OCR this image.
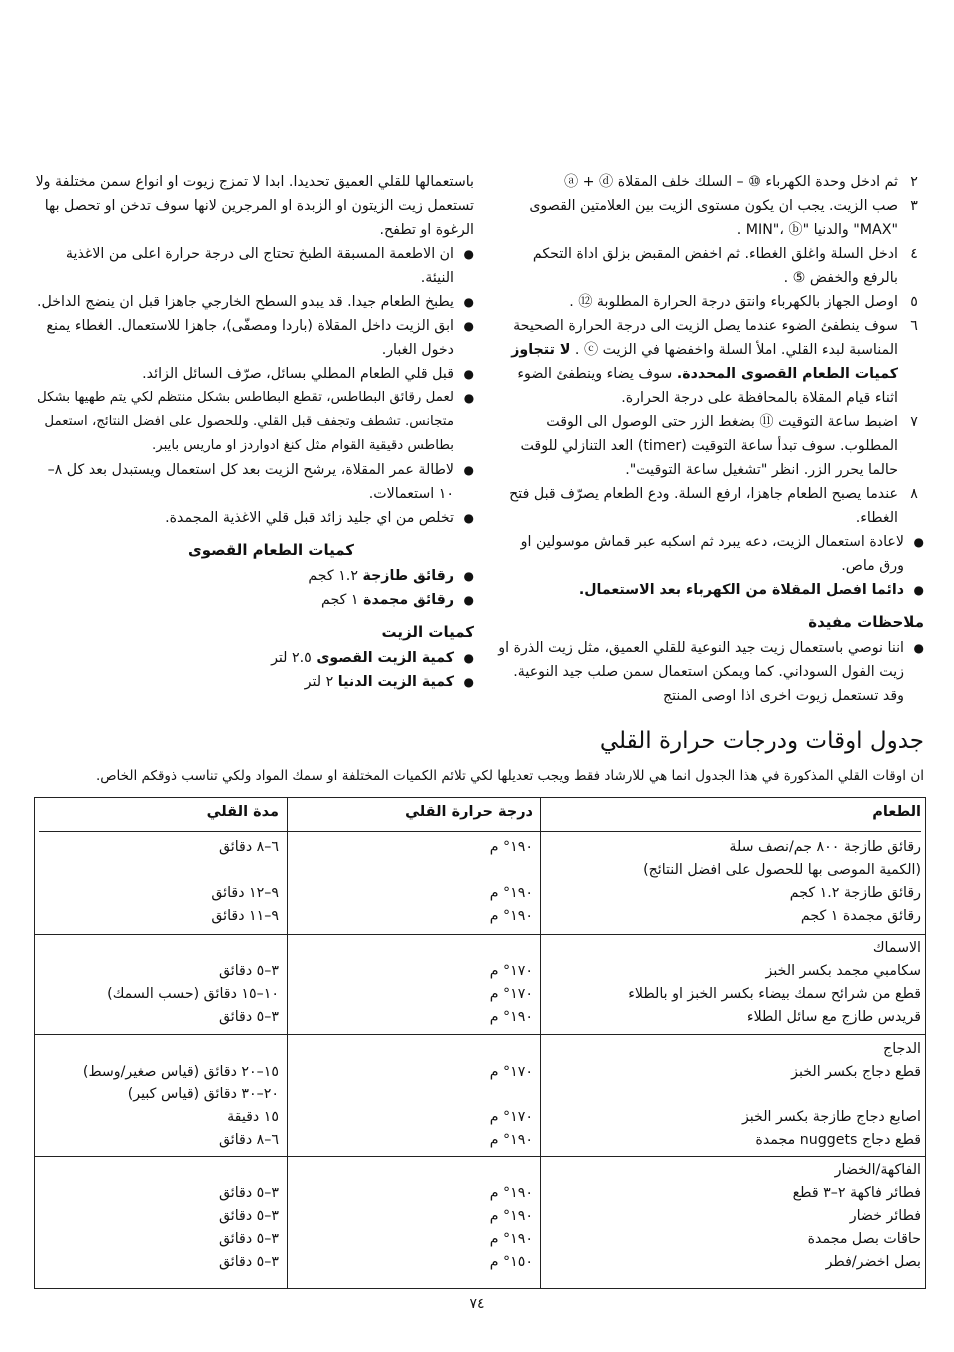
٢
ثم ادخل وحدة الكهرباء ⑩ – السلك خلف المقلاة ⓐ + ⓓ
٣
صب الزيت. يجب ان يكون مستوى الزيت بين العلامتين القصوى "MAX" والدنيا "MIN"، ⓑ .
٤
ادخل السلة واغلق الغطاء. ثم اخفض المقبض بزلق اداة التحكم بالرفع والخفض ⑤ .
٥
اوصل الجهاز بالكهرباء وانتق درجة الحرارة المطلوبة ⑫ .
٦
سوف ينطفئ الضوء عندما يصل الزيت الى درجة الحرارة الصحيحة المناسبة لبدء القلي. املأ السلة واخفضها في الزيت ⓒ . لا تتجاوز كميات الطعام القصوى المحددة. سوف يضاء وينطفئ الضوء اثناء قيام المقلاة بالمحافظة على درجة الحرارة.
٧
اضبط ساعة التوقيت ⑪ بضغط الزر حتى الوصول الى الوقت المطلوب. سوف تبدأ ساعة التوقيت (timer) العد التنازلي للوقت حالما يحرر الزر. انظر "تشغيل ساعة التوقيت".
٨
عندما يصبح الطعام جاهزا، ارفع السلة. ودع الطعام يصرّف قبل فتح الغطاء.
● لاعادة استعمال الزيت، دعه يبرد ثم اسكبه عبر قماش موسولين او ورق ماص.
● دائما افصل المقلاة من الكهرباء بعد الاستعمال.
ملاحظات مفيدة
● اننا نوصي باستعمال زيت جيد النوعية للقلي العميق، مثل زيت الذرة او زيت الفول السوداني. كما ويمكن استعمال سمن صلب جيد النوعية. وقد تستعمل زيوت اخرى اذا اوصى المنتج

باستعمالها للقلي العميق تحديدا. ابدا لا تمزج زيوت او انواع سمن مختلفة ولا تستعمل زيت الزيتون او الزبدة او المرجرين لانها سوف تدخن او تحصل بها الرغوة او تطفح.

● ان الاطعمة المسبقة الطبخ تحتاج الى درجة حرارة اعلى من الاغذية النيئة.
● يطبخ الطعام جيدا. قد يبدو السطح الخارجي جاهزا قبل ان ينضج الداخل.
● ابق الزيت داخل المقلاة (باردا ومصفّى)، جاهزا للاستعمال. الغطاء يمنع دخول الغبار.
● قبل قلي الطعام المطلي بسائل، صرّف السائل الزائد.
● لعمل رقائق البطاطس، تقطع البطاطس بشكل منتظم لكي يتم طهيها بشكل متجانس. تشطف وتجفف قبل القلي. وللحصول على افضل النتائج، استعمل بطاطس دقيقية القوام مثل كنغ ادواردز او ماريس بايبر.
● لاطالة عمر المقلاة، يرشح الزيت بعد كل استعمال ويستبدل بعد كل ٨–١٠ استعمالات.
● تخلص من اي جليد زائد قبل قلي الاغذية المجمدة.
كميات الطعام القصوى
● رقائق طازجة ١.٢ كجم
● رقائق مجمدة ١ كجم
كميات الزيت
● كمية الزيت القصوى ٢.٥ لتر
● كمية الزيت الدنيا ٢ لتر
جدول اوقات ودرجات حرارة القلي
ان اوقات القلي المذكورة في هذا الجدول انما هي للارشاد فقط ويجب تعديلها لكي تلائم الكميات المختلفة او سمك المواد ولكي تناسب ذوقكم الخاص.
الطعام
درجة حرارة القلي
مدة القلي
رقائق طازجة ٨٠٠ جم/نصف سلة
(الكمية الموصى بها للحصول على افضل النتائج)
رقائق طازجة ١.٢ كجم
رقائق مجمدة ١ كجم
١٩٠° م
١٩٠° م
١٩٠° م
٦–٨ دقائق
٩–١٢ دقائق
٩–١١ دقائق
الاسماك
سكامبي مجمد بكسر الخبز
قطع من شرائح سمك بيضاء بكسر الخبز او بالطلاء
قريدس طازج مع سائل الطلاء
١٧٠° م
١٧٠° م
١٩٠° م
٣–٥ دقائق
١٠–١٥ دقائق (حسب السمك)
٣–٥ دقائق
الدجاج
قطع دجاج بكسر الخبز
اصابع دجاج طازجة بكسر الخبز
قطع دجاج nuggets مجمدة
١٧٠° م
١٧٠° م
١٩٠° م
١٥–٢٠ دقائق (قياس صغير/وسط)
٢٠–٣٠ دقائق (قياس كبير)
١٥ دقيقة
٦–٨ دقائق
الفاكهة/الخضار
فطائر فاكهة ٢–٣ قطع
فطائر خضار
حاقات بصل مجمدة
بصل اخضر/فطر
١٩٠° م
١٩٠° م
١٩٠° م
١٥٠° م
٣–٥ دقائق
٣–٥ دقائق
٣–٥ دقائق
٣–٥ دقائق
٧٤
